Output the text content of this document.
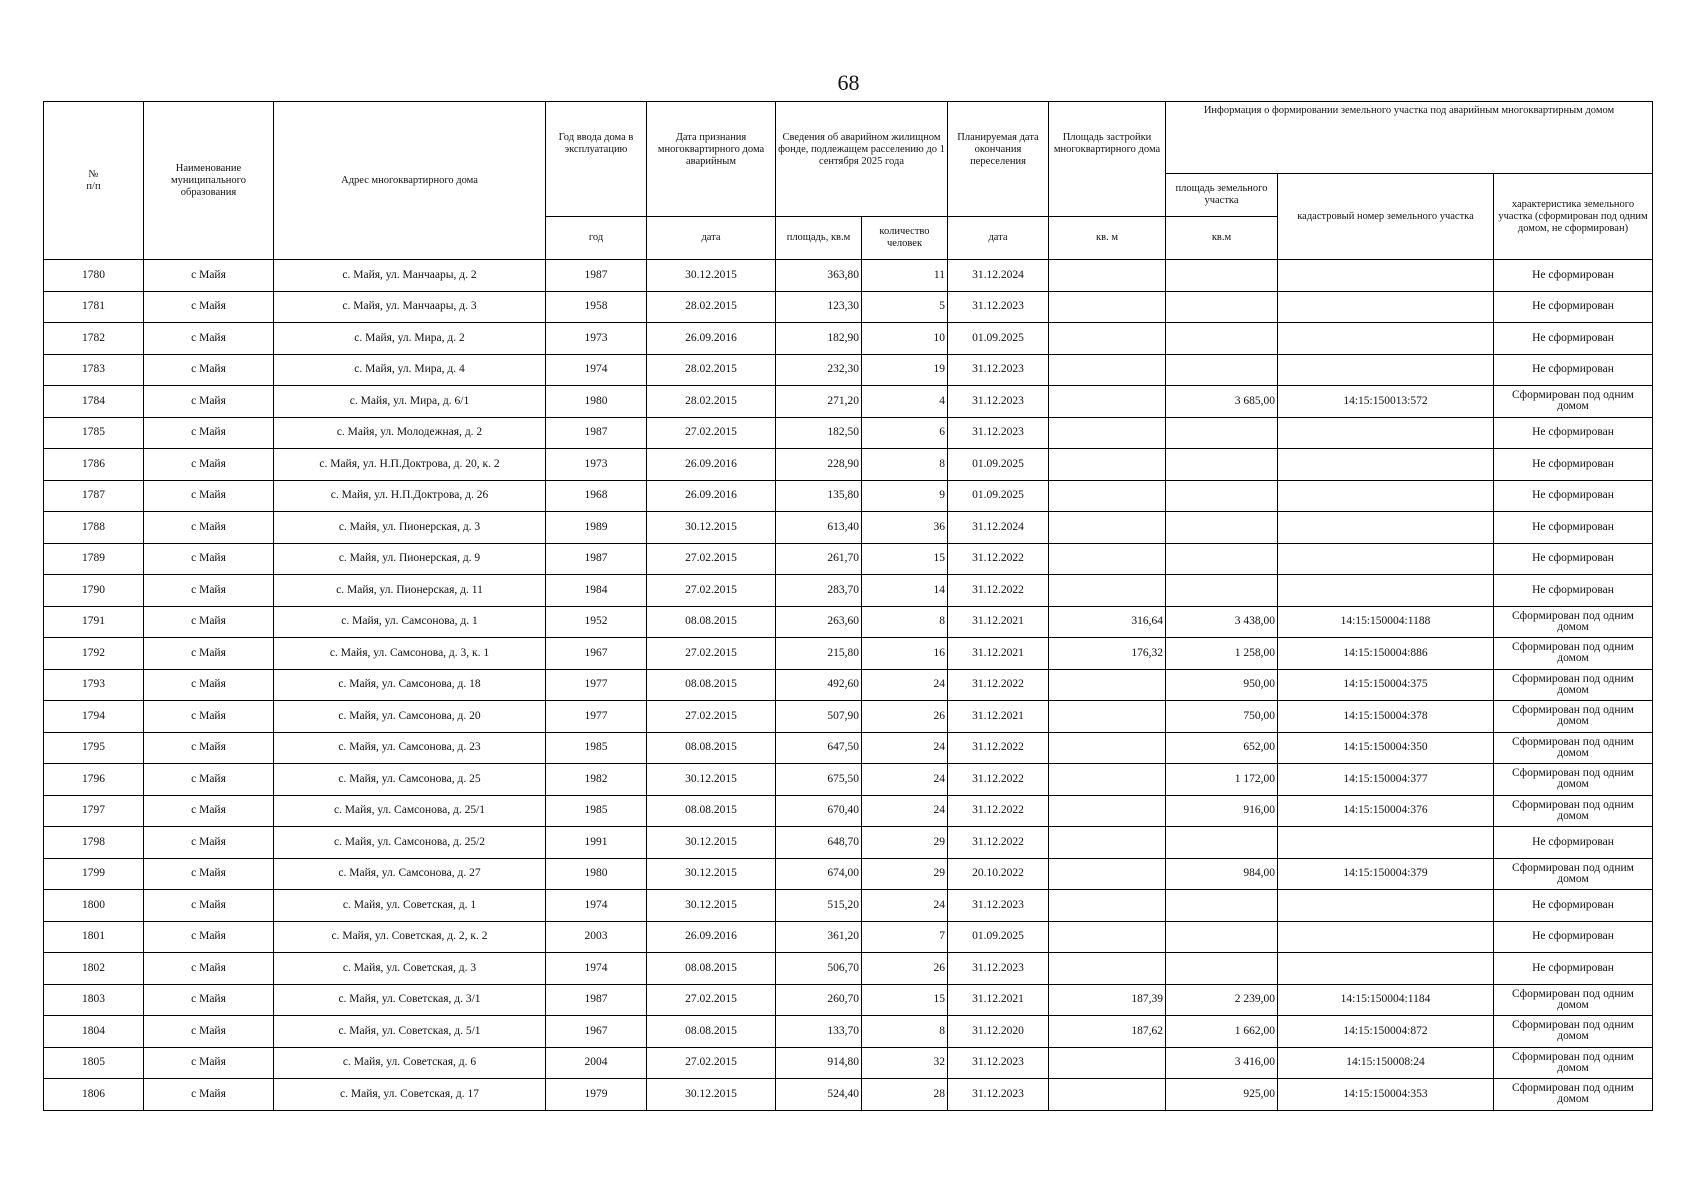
68
№
п/п	Наименование муниципального образования	Адрес многоквартирного дома	Год ввода дома в эксплуатацию	Дата признания многоквартирного дома аварийным	Сведения об аварийном жилищном фонде, подлежащем расселению до 1 сентября 2025 года		Планируемая дата окончания переселения	Площадь застройки многоквартирного дома	Информация о формировании земельного участка под аварийным многоквартирным домом		
									площадь земельного участка	кадастровый номер земельного участка	характеристика земельного участка (сформирован под одним домом, не сформирован)
			год	дата	площадь, кв.м	количество человек	дата	кв. м	кв.м		
1780	с Майя	с. Майя, ул. Манчаары, д. 2	1987	30.12.2015	363,80	11	31.12.2024				Не сформирован
1781	с Майя	с. Майя, ул. Манчаары, д. 3	1958	28.02.2015	123,30	5	31.12.2023				Не сформирован
1782	с Майя	с. Майя, ул. Мира, д. 2	1973	26.09.2016	182,90	10	01.09.2025				Не сформирован
1783	с Майя	с. Майя, ул. Мира, д. 4	1974	28.02.2015	232,30	19	31.12.2023				Не сформирован
1784	с Майя	с. Майя, ул. Мира, д. 6/1	1980	28.02.2015	271,20	4	31.12.2023		3 685,00	14:15:150013:572	Сформирован под одним домом
1785	с Майя	с. Майя, ул. Молодежная, д. 2	1987	27.02.2015	182,50	6	31.12.2023				Не сформирован
1786	с Майя	с. Майя, ул. Н.П.Доктрова, д. 20, к. 2	1973	26.09.2016	228,90	8	01.09.2025				Не сформирован
1787	с Майя	с. Майя, ул. Н.П.Доктрова, д. 26	1968	26.09.2016	135,80	9	01.09.2025				Не сформирован
1788	с Майя	с. Майя, ул. Пионерская, д. 3	1989	30.12.2015	613,40	36	31.12.2024				Не сформирован
1789	с Майя	с. Майя, ул. Пионерская, д. 9	1987	27.02.2015	261,70	15	31.12.2022				Не сформирован
1790	с Майя	с. Майя, ул. Пионерская, д. 11	1984	27.02.2015	283,70	14	31.12.2022				Не сформирован
1791	с Майя	с. Майя, ул. Самсонова, д. 1	1952	08.08.2015	263,60	8	31.12.2021	316,64	3 438,00	14:15:150004:1188	Сформирован под одним домом
1792	с Майя	с. Майя, ул. Самсонова, д. 3, к. 1	1967	27.02.2015	215,80	16	31.12.2021	176,32	1 258,00	14:15:150004:886	Сформирован под одним домом
1793	с Майя	с. Майя, ул. Самсонова, д. 18	1977	08.08.2015	492,60	24	31.12.2022		950,00	14:15:150004:375	Сформирован под одним домом
1794	с Майя	с. Майя, ул. Самсонова, д. 20	1977	27.02.2015	507,90	26	31.12.2021		750,00	14:15:150004:378	Сформирован под одним домом
1795	с Майя	с. Майя, ул. Самсонова, д. 23	1985	08.08.2015	647,50	24	31.12.2022		652,00	14:15:150004:350	Сформирован под одним домом
1796	с Майя	с. Майя, ул. Самсонова, д. 25	1982	30.12.2015	675,50	24	31.12.2022		1 172,00	14:15:150004:377	Сформирован под одним домом
1797	с Майя	с. Майя, ул. Самсонова, д. 25/1	1985	08.08.2015	670,40	24	31.12.2022		916,00	14:15:150004:376	Сформирован под одним домом
1798	с Майя	с. Майя, ул. Самсонова, д. 25/2	1991	30.12.2015	648,70	29	31.12.2022				Не сформирован
1799	с Майя	с. Майя, ул. Самсонова, д. 27	1980	30.12.2015	674,00	29	20.10.2022		984,00	14:15:150004:379	Сформирован под одним домом
1800	с Майя	с. Майя, ул. Советская, д. 1	1974	30.12.2015	515,20	24	31.12.2023				Не сформирован
1801	с Майя	с. Майя, ул. Советская, д. 2, к. 2	2003	26.09.2016	361,20	7	01.09.2025				Не сформирован
1802	с Майя	с. Майя, ул. Советская, д. 3	1974	08.08.2015	506,70	26	31.12.2023				Не сформирован
1803	с Майя	с. Майя, ул. Советская, д. 3/1	1987	27.02.2015	260,70	15	31.12.2021	187,39	2 239,00	14:15:150004:1184	Сформирован под одним домом
1804	с Майя	с. Майя, ул. Советская, д. 5/1	1967	08.08.2015	133,70	8	31.12.2020	187,62	1 662,00	14:15:150004:872	Сформирован под одним домом
1805	с Майя	с. Майя, ул. Советская, д. 6	2004	27.02.2015	914,80	32	31.12.2023		3 416,00	14:15:150008:24	Сформирован под одним домом
1806	с Майя	с. Майя, ул. Советская, д. 17	1979	30.12.2015	524,40	28	31.12.2023		925,00	14:15:150004:353	Сформирован под одним домом
